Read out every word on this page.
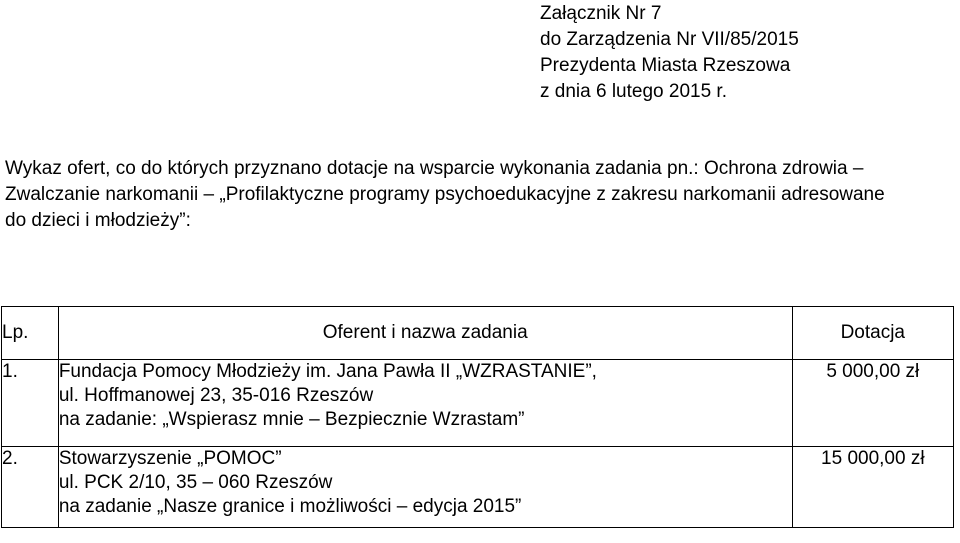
Załącznik Nr 7
do Zarządzenia Nr VII/85/2015
Prezydenta Miasta Rzeszowa
z dnia 6 lutego 2015 r.
Wykaz ofert, co do których przyznano dotacje na wsparcie wykonania zadania pn.: Ochrona zdrowia –
Zwalczanie narkomanii – „Profilaktyczne programy psychoedukacyjne z zakresu narkomanii adresowane
do dzieci i młodzieży”:
Lp.	Oferent i nazwa zadania	Dotacja
1.	Fundacja Pomocy Młodzieży im. Jana Pawła II „WZRASTANIE”,
ul. Hoffmanowej 23, 35-016 Rzeszów
na zadanie: „Wspierasz mnie – Bezpiecznie Wzrastam”	5 000,00 zł
2.	Stowarzyszenie „POMOC”
ul. PCK 2/10, 35 – 060 Rzeszów
na zadanie „Nasze granice i możliwości – edycja 2015”	15 000,00 zł
